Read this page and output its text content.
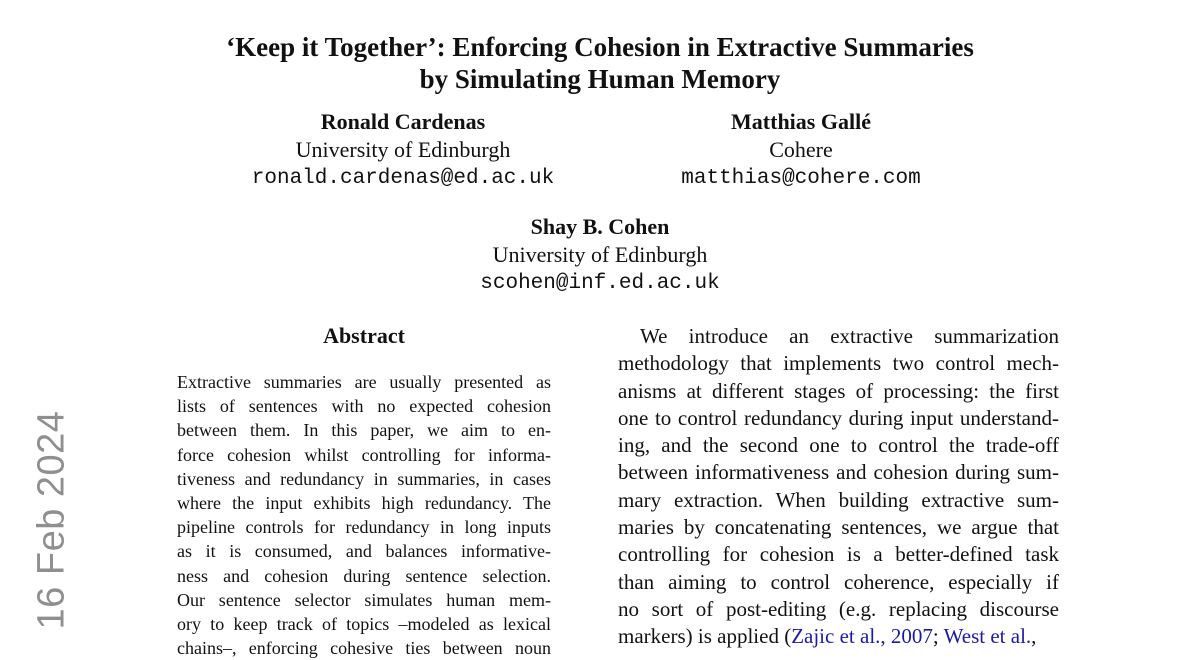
16 Feb 2024
‘Keep it Together’: Enforcing Cohesion in Extractive Summaries
by Simulating Human Memory
Ronald Cardenas
University of Edinburgh
ronald.cardenas@ed.ac.uk
Matthias Gallé
Cohere
matthias@cohere.com
Shay B. Cohen
University of Edinburgh
scohen@inf.ed.ac.uk
Abstract
Extractive summaries are usually presented as
lists of sentences with no expected cohesion
between them. In this paper, we aim to en-
force cohesion whilst controlling for informa-
tiveness and redundancy in summaries, in cases
where the input exhibits high redundancy. The
pipeline controls for redundancy in long inputs
as it is consumed, and balances informative-
ness and cohesion during sentence selection.
Our sentence selector simulates human mem-
ory to keep track of topics –modeled as lexical
chains–, enforcing cohesive ties between noun
We introduce an extractive summarization
methodology that implements two control mech-
anisms at different stages of processing: the first
one to control redundancy during input understand-
ing, and the second one to control the trade-off
between informativeness and cohesion during sum-
mary extraction. When building extractive sum-
maries by concatenating sentences, we argue that
controlling for cohesion is a better-defined task
than aiming to control coherence, especially if
no sort of post-editing (e.g. replacing discourse
markers) is applied (Zajic et al., 2007; West et al.,
